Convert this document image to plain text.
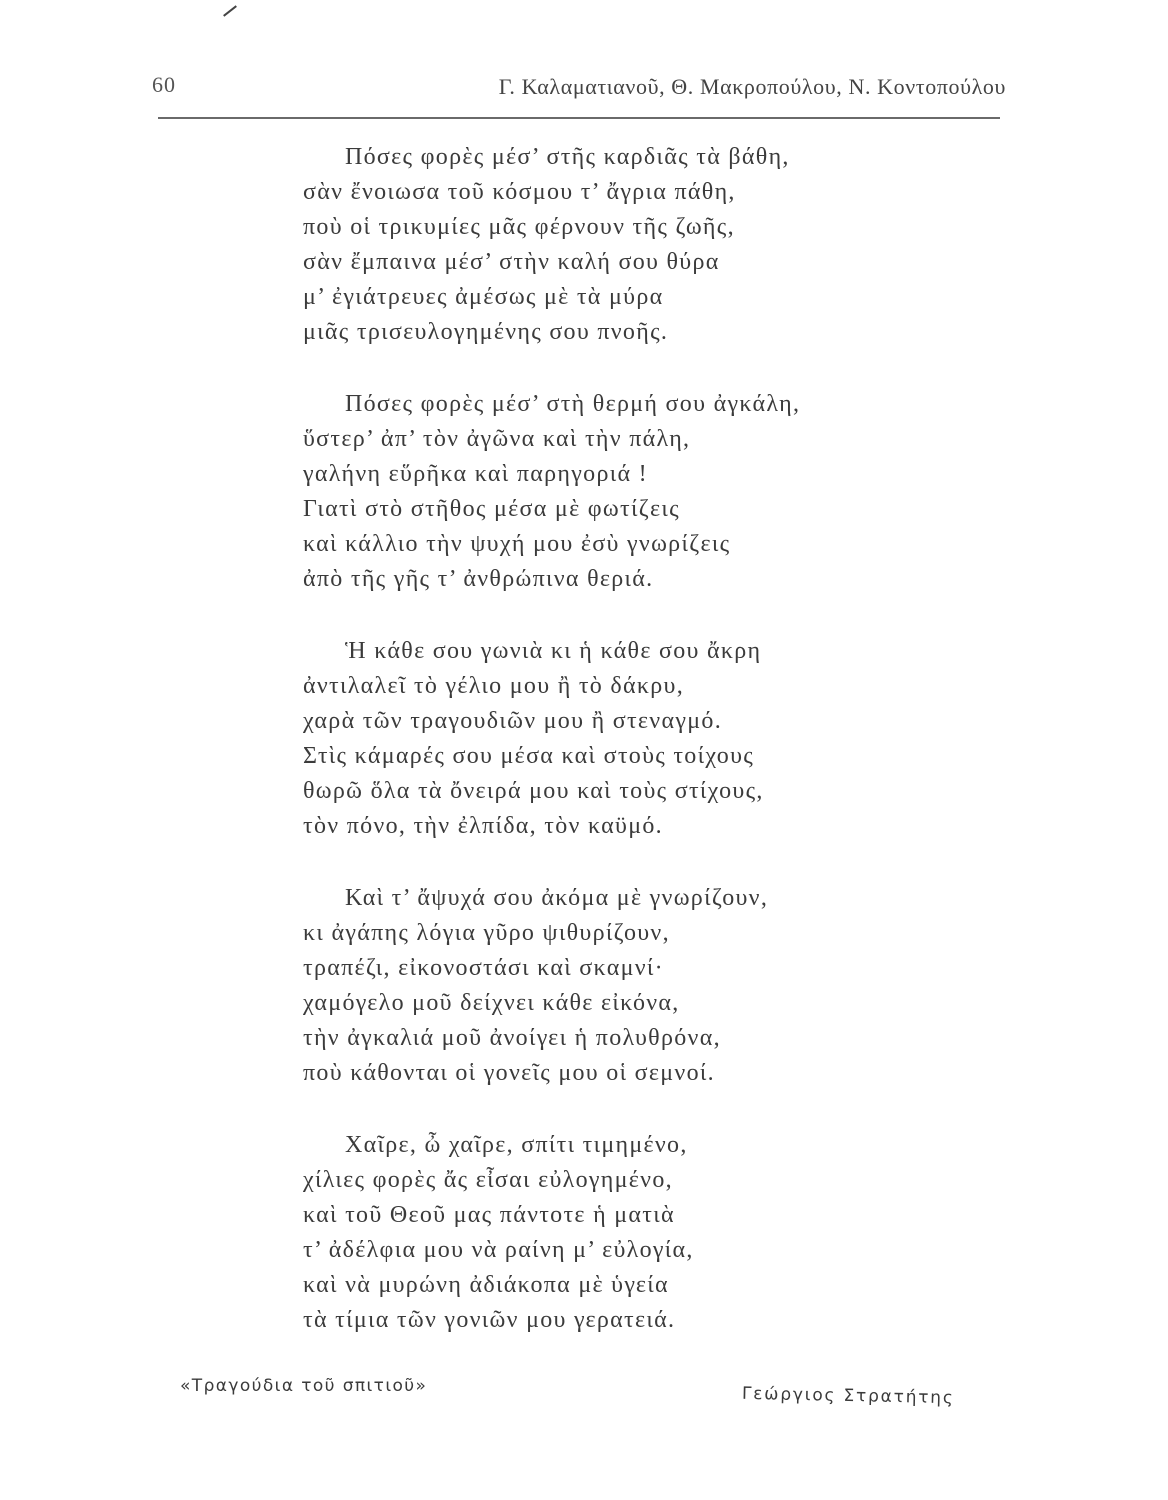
60	Γ. Καλαματιανοῦ, Θ. Μακροπούλου, Ν. Κοντοπούλου
Πόσες φορὲς μέσ’ στῆς καρδιᾶς τὰ βάθη,
σὰν ἔνοιωσα τοῦ κόσμου τ’ ἄγρια πάθη,
ποὺ οἱ τρικυμίες μᾶς φέρνουν τῆς ζωῆς,
σὰν ἔμπαινα μέσ’ στὴν καλή σου θύρα
μ’ ἐγιάτρευες ἀμέσως μὲ τὰ μύρα
μιᾶς τρισευλογημένης σου πνοῆς.
Πόσες φορὲς μέσ’ στὴ θερμή σου ἀγκάλη,
ὕστερ’ ἀπ’ τὸν ἀγῶνα καὶ τὴν πάλη,
γαλήνη εὕρῆκα καὶ παρηγοριά !
Γιατὶ στὸ στῆθος μέσα μὲ φωτίζεις
καὶ κάλλιο τὴν ψυχή μου ἐσὺ γνωρίζεις
ἀπὸ τῆς γῆς τ’ ἀνθρώπινα θεριά.
Ἡ κάθε σου γωνιὰ κι ἡ κάθε σου ἄκρη
ἀντιλαλεῖ τὸ γέλιο μου ἢ τὸ δάκρυ,
χαρὰ τῶν τραγουδιῶν μου ἢ στεναγμό.
Στὶς κάμαρές σου μέσα καὶ στοὺς τοίχους
θωρῶ ὅλα τὰ ὄνειρά μου καὶ τοὺς στίχους,
τὸν πόνο, τὴν ἐλπίδα, τὸν καϋμό.
Καὶ τ’ ἄψυχά σου ἀκόμα μὲ γνωρίζουν,
κι ἀγάπης λόγια γῦρο ψιθυρίζουν,
τραπέζι, εἰκονοστάσι καὶ σκαμνί·
χαμόγελο μοῦ δείχνει κάθε εἰκόνα,
τὴν ἀγκαλιά μοῦ ἀνοίγει ἡ πολυθρόνα,
ποὺ κάθονται οἱ γονεῖς μου οἱ σεμνοί.
Χαῖρε, ὦ χαῖρε, σπίτι τιμημένο,
χίλιες φορὲς ἄς εἶσαι εὐλογημένο,
καὶ τοῦ Θεοῦ μας πάντοτε ἡ ματιὰ
τ’ ἀδέλφια μου νὰ ραίνη μ’ εὐλογία,
καὶ νὰ μυρώνη ἀδιάκοπα μὲ ὑγεία
τὰ τίμια τῶν γονιῶν μου γερατειά.
«Τραγούδια τοῦ σπιτιοῦ»	Γεώργιος Στρατήτης
